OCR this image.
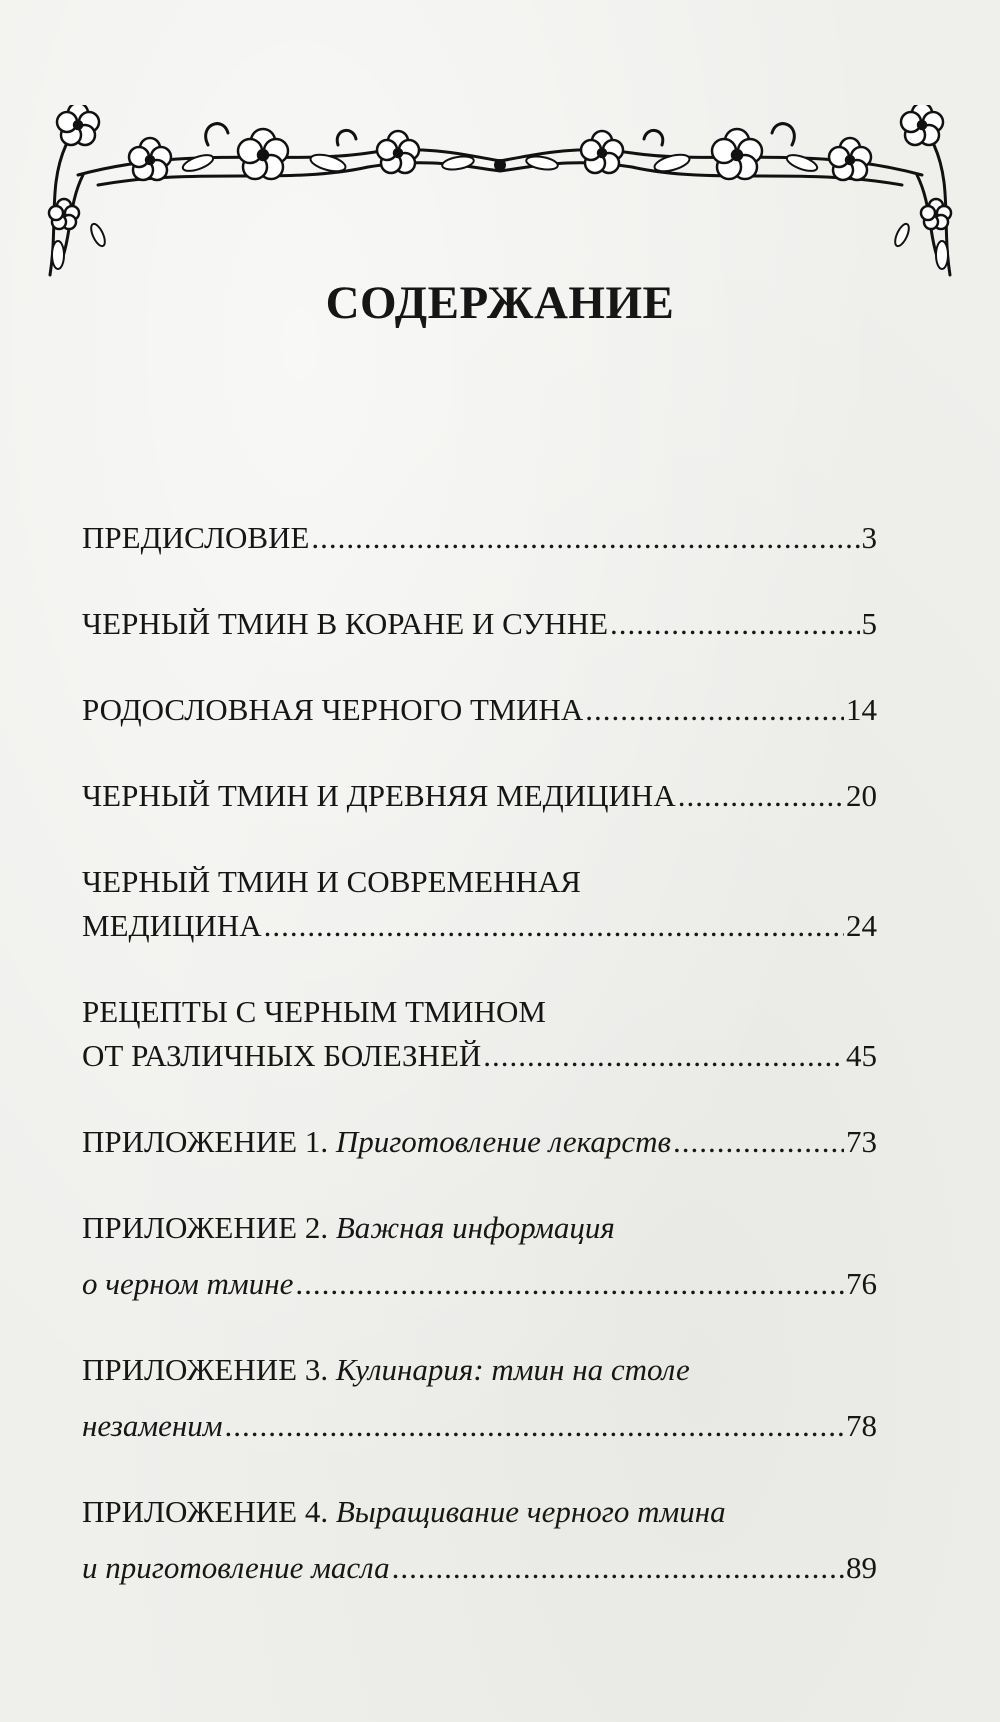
СОДЕРЖАНИЕ
ПРЕДИСЛОВИЕ .....	3
ЧЕРНЫЙ ТМИН В КОРАНЕ И СУННЕ .....	5
РОДОСЛОВНАЯ ЧЕРНОГО ТМИНА .....	14
ЧЕРНЫЙ ТМИН И ДРЕВНЯЯ МЕДИЦИНА .....	20
ЧЕРНЫЙ ТМИН И СОВРЕМЕННАЯ
МЕДИЦИНА .....	24
РЕЦЕПТЫ С ЧЕРНЫМ ТМИНОМ
ОТ РАЗЛИЧНЫХ БОЛЕЗНЕЙ .....	45
ПРИЛОЖЕНИЕ 1. Приготовление лекарств .....	73
ПРИЛОЖЕНИЕ 2. Важная информация
о черном тмине .....	76
ПРИЛОЖЕНИЕ 3. Кулинария: тмин на столе
незаменим .....	78
ПРИЛОЖЕНИЕ 4. Выращивание черного тмина
и приготовление масла .....	89
